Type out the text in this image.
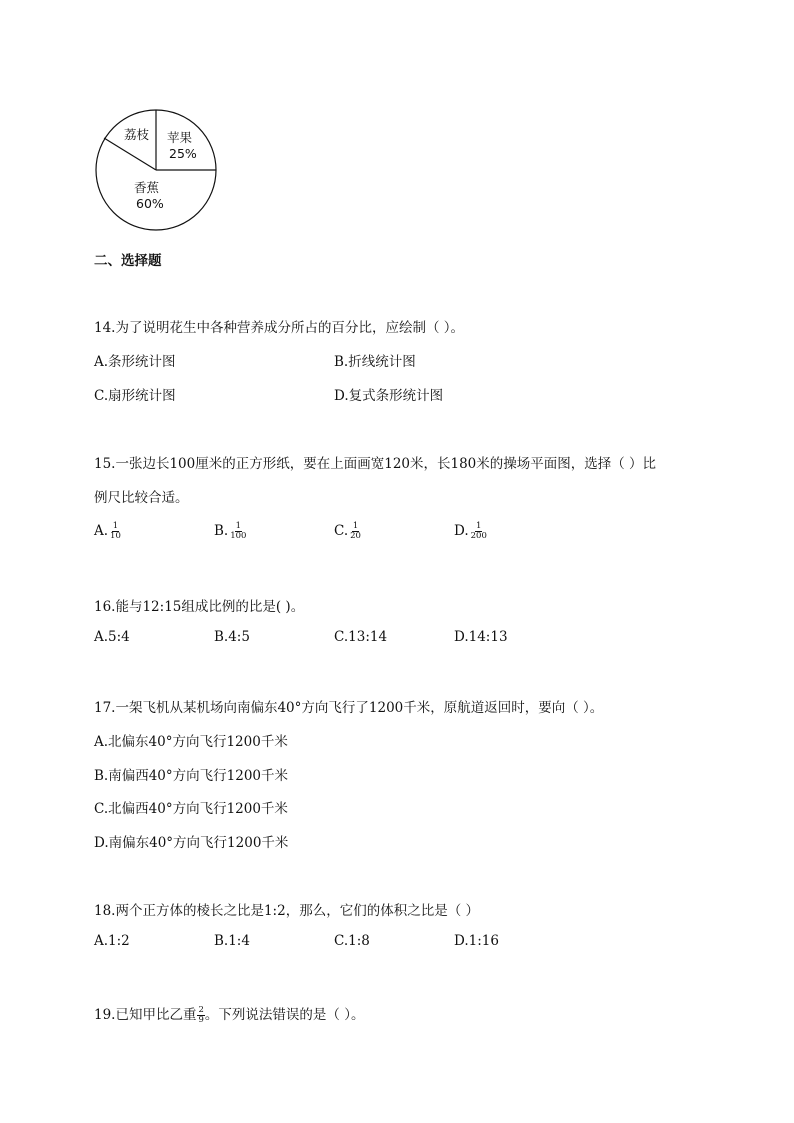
苹果
25%
香蕉
60%
荔枝
二、选择题
14.为了说明花生中各种营养成分所占的百分比，应绘制（ ）。
A.条形统计图	B.折线统计图
C.扇形统计图	D.复式条形统计图
15.一张边长100厘米的正方形纸，要在上面画宽120米，长180米的操场平面图，选择（ ）比
例尺比较合适。
A. $\frac{1}{10}$	B. $\frac{1}{100}$	C. $\frac{1}{20}$	D. $\frac{1}{200}$
16.能与12:15组成比例的比是( )。
A.5:4	B.4:5	C.13:14	D.14:13
17.一架飞机从某机场向南偏东40°方向飞行了1200千米，原航道返回时，要向（ ）。
A.北偏东40°方向飞行1200千米
B.南偏西40°方向飞行1200千米
C.北偏西40°方向飞行1200千米
D.南偏东40°方向飞行1200千米
18.两个正方体的棱长之比是1:2，那么，它们的体积之比是（ ）
A.1:2	B.1:4	C.1:8	D.1:16
19.已知甲比乙重 $\frac{2}{9}$ 。下列说法错误的是（ ）。
